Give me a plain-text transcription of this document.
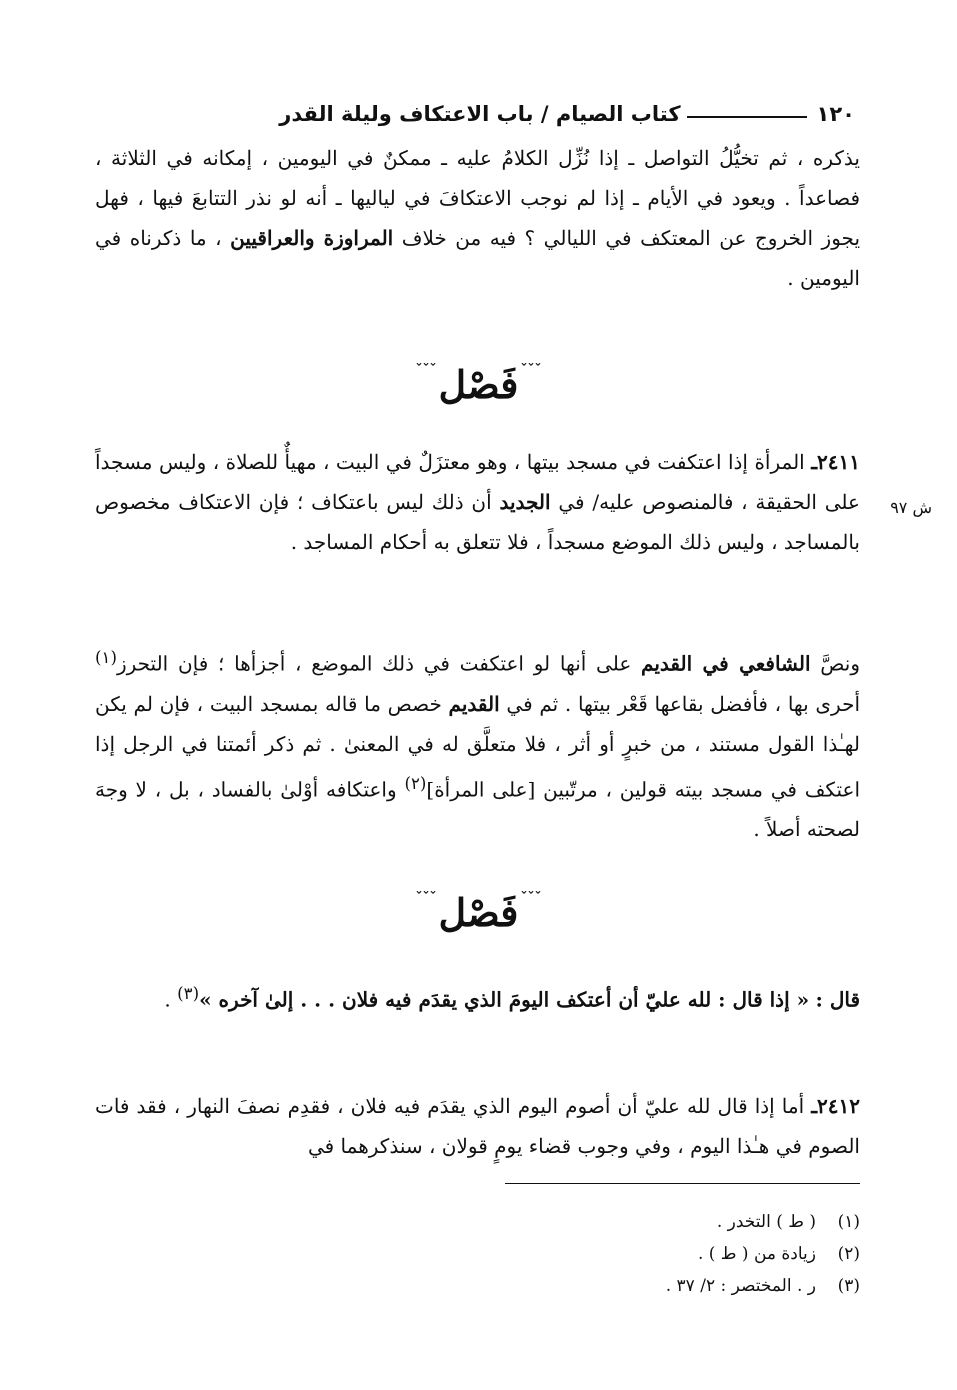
١٢٠
كتاب الصيام / باب الاعتكاف وليلة القدر
يذكره ، ثم تخيُّلُ التواصل ـ إذا نُزِّل الكلامُ عليه ـ ممكنٌ في اليومين ، إمكانه في الثلاثة ، فصاعداً . ويعود في الأيام ـ إذا لم نوجب الاعتكافَ في لياليها ـ أنه لو نذر التتابعَ فيها ، فهل يجوز الخروج عن المعتكف في الليالي ؟ فيه من خلاف المراوزة والعراقيين ، ما ذكرناه في اليومين .
$^{ˇˇˇ}$فَصْل$^{ˇˇˇ}$
٢٤١١ـ المرأة إذا اعتكفت في مسجد بيتها ، وهو معتزَلٌ في البيت ، مهيأٌ للصلاة ، وليس مسجداً على الحقيقة ، فالمنصوص عليه/ في الجديد أن ذلك ليس باعتكاف ؛ فإن الاعتكاف مخصوص بالمساجد ، وليس ذلك الموضع مسجداً ، فلا تتعلق به أحكام المساجد .
ش ٩٧
ونصَّ الشافعي في القديم على أنها لو اعتكفت في ذلك الموضع ، أجزأها ؛ فإن التحرز$^{(١)}$ أحرى بها ، فأفضل بقاعها قَعْر بيتها . ثم في القديم خصص ما قاله بمسجد البيت ، فإن لم يكن لهـٰذا القول مستند ، من خبرٍ أو أثر ، فلا متعلَّق له في المعنىٰ . ثم ذكر أئمتنا في الرجل إذا اعتكف في مسجد بيته قولين ، مرتّبين [على المرأة]$^{(٢)}$ واعتكافه أوْلىٰ بالفساد ، بل ، لا وجهَ لصحته أصلاً .
$^{ˇˇˇ}$فَصْل$^{ˇˇˇ}$
قال : « إذا قال : لله عليّ أن أعتكف اليومَ الذي يقدَم فيه فلان . . . إلىٰ آخره »$^{(٣)}$ .
٢٤١٢ـ أما إذا قال لله عليّ أن أصوم اليوم الذي يقدَم فيه فلان ، فقدِم نصفَ النهار ، فقد فات الصوم في هـٰذا اليوم ، وفي وجوب قضاء يومٍ قولان ، سنذكرهما في
(١)
( ط ) التخدر .
(٢)
زيادة من ( ط ) .
(٣)
ر . المختصر : ٢/ ٣٧ .
